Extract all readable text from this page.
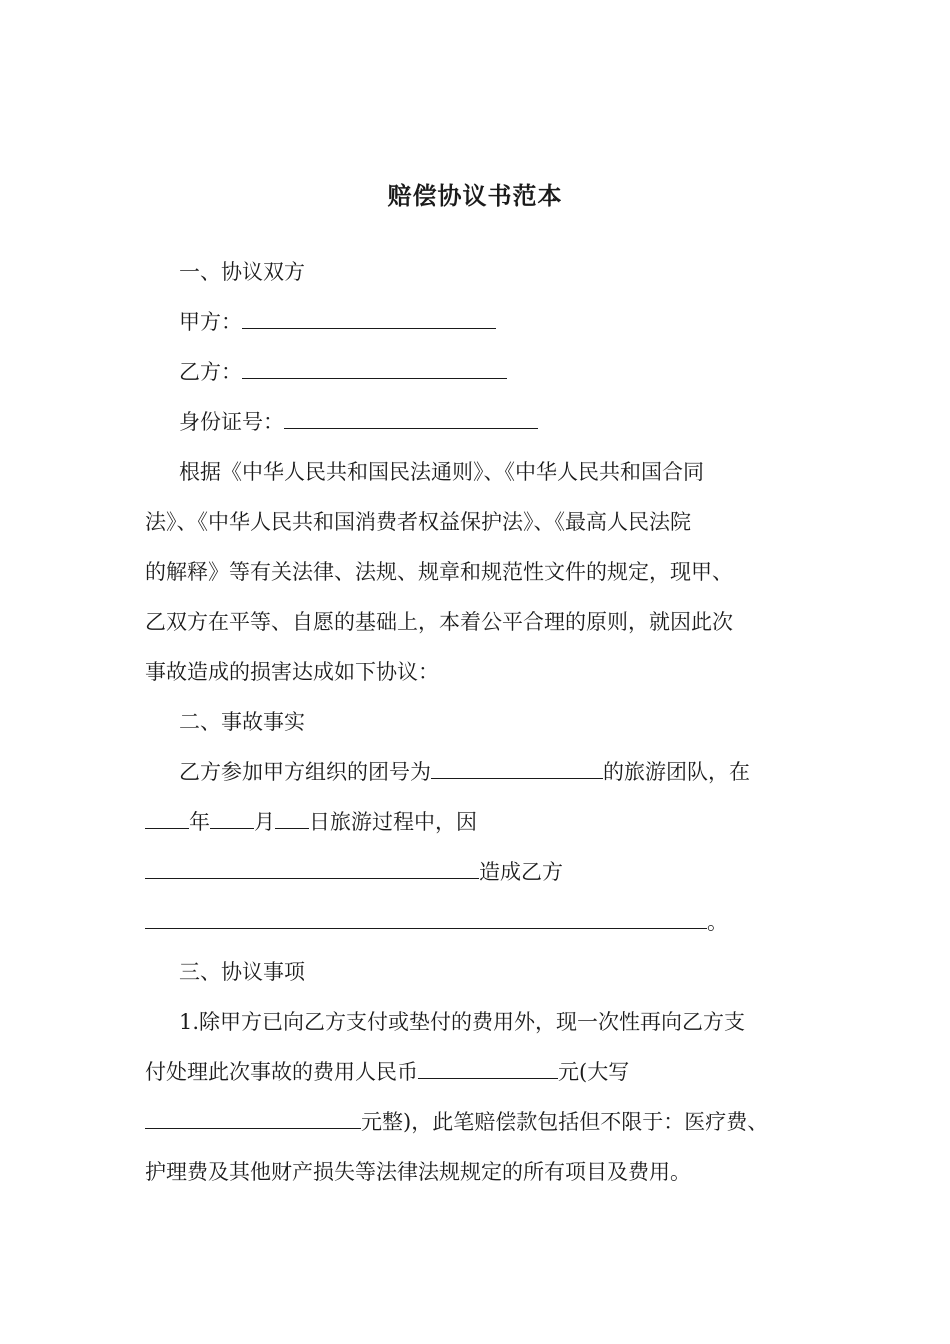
赔偿协议书范本
一、协议双方
甲方：
乙方：
身份证号：
根据《中华人民共和国民法通则》、《中华人民共和国合同
法》、《中华人民共和国消费者权益保护法》、《最高人民法院
的解释》等有关法律、法规、规章和规范性文件的规定，现甲、
乙双方在平等、自愿的基础上，本着公平合理的原则，就因此次
事故造成的损害达成如下协议：
二、事故事实
乙方参加甲方组织的团号为	的旅游团队，在
年 月 日旅游过程中，因
造成乙方
。
三、协议事项
1.除甲方已向乙方支付或垫付的费用外，现一次性再向乙方支
付处理此次事故的费用人民币	元(大写
元整)，此笔赔偿款包括但不限于：医疗费、
护理费及其他财产损失等法律法规规定的所有项目及费用。
